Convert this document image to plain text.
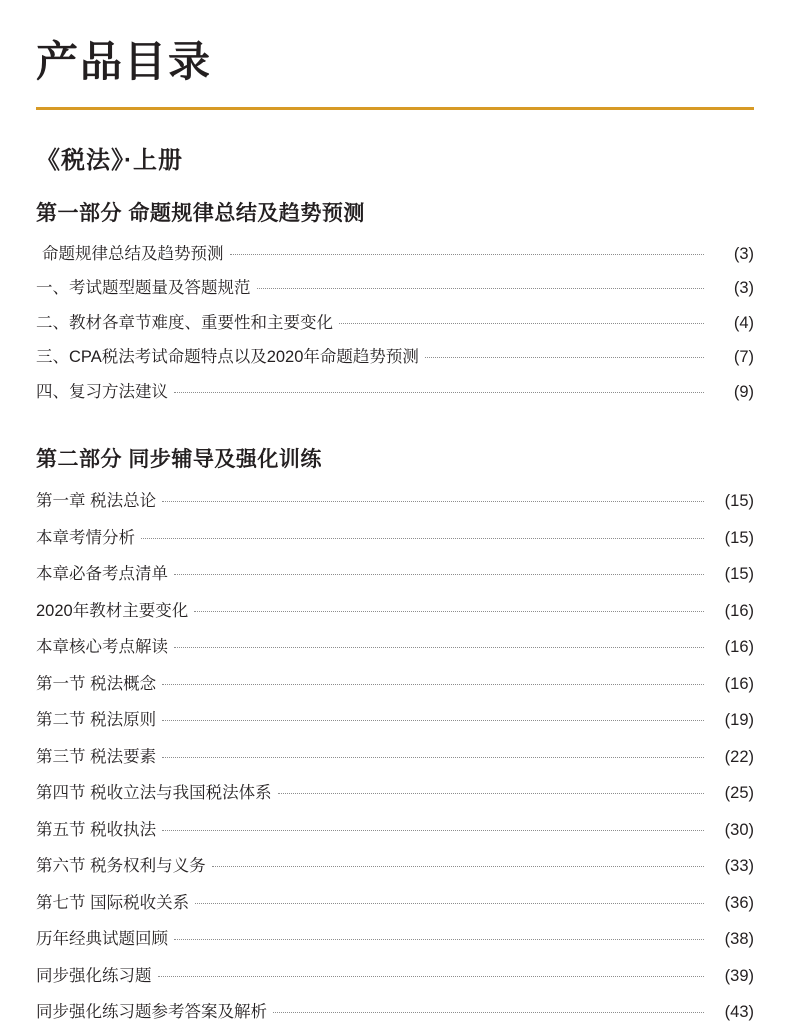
产品目录
《税法》·上册
第一部分 命题规律总结及趋势预测
命题规律总结及趋势预测	(3)
一、考试题型题量及答题规范	(3)
二、教材各章节难度、重要性和主要变化	(4)
三、CPA税法考试命题特点以及2020年命题趋势预测	(7)
四、复习方法建议	(9)
第二部分 同步辅导及强化训练
第一章 税法总论	(15)
本章考情分析	(15)
本章必备考点清单	(15)
2020年教材主要变化	(16)
本章核心考点解读	(16)
第一节 税法概念	(16)
第二节 税法原则	(19)
第三节 税法要素	(22)
第四节 税收立法与我国税法体系	(25)
第五节 税收执法	(30)
第六节 税务权利与义务	(33)
第七节 国际税收关系	(36)
历年经典试题回顾	(38)
同步强化练习题	(39)
同步强化练习题参考答案及解析	(43)
